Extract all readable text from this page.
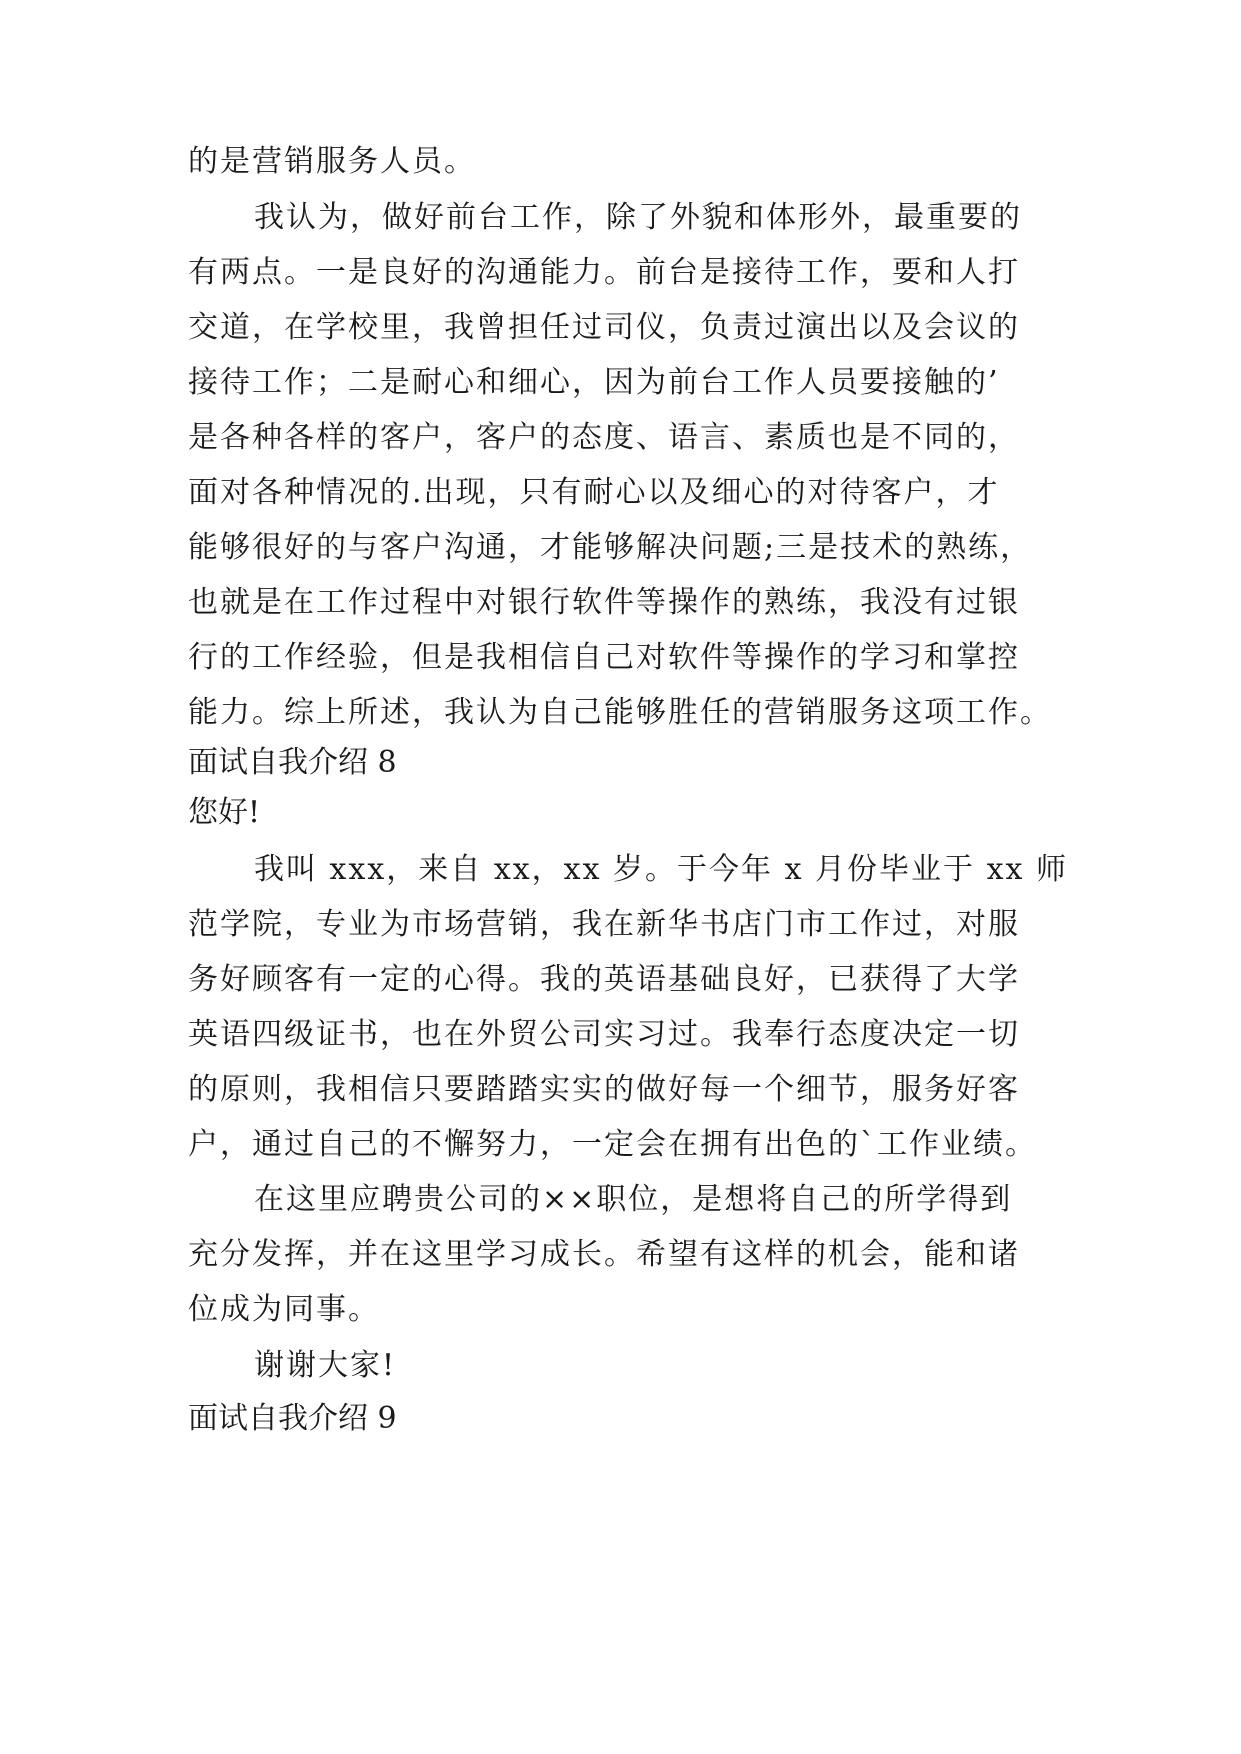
的是营销服务人员。
我认为，做好前台工作，除了外貌和体形外，最重要的
有两点。一是良好的沟通能力。前台是接待工作，要和人打
交道，在学校里，我曾担任过司仪，负责过演出以及会议的
接待工作；二是耐心和细心，因为前台工作人员要接触的’
是各种各样的客户，客户的态度、语言、素质也是不同的，
面对各种情况的.出现，只有耐心以及细心的对待客户，才
能够很好的与客户沟通，才能够解决问题;三是技术的熟练，
也就是在工作过程中对银行软件等操作的熟练，我没有过银
行的工作经验，但是我相信自己对软件等操作的学习和掌控
能力。综上所述，我认为自己能够胜任的营销服务这项工作。
面试自我介绍 8
您好!
我叫 xxx，来自 xx，xx 岁。于今年 x 月份毕业于 xx 师
范学院，专业为市场营销，我在新华书店门市工作过，对服
务好顾客有一定的心得。我的英语基础良好，已获得了大学
英语四级证书，也在外贸公司实习过。我奉行态度决定一切
的原则，我相信只要踏踏实实的做好每一个细节，服务好客
户，通过自己的不懈努力，一定会在拥有出色的`工作业绩。
在这里应聘贵公司的××职位，是想将自己的所学得到
充分发挥，并在这里学习成长。希望有这样的机会，能和诸
位成为同事。
谢谢大家!
面试自我介绍 9
